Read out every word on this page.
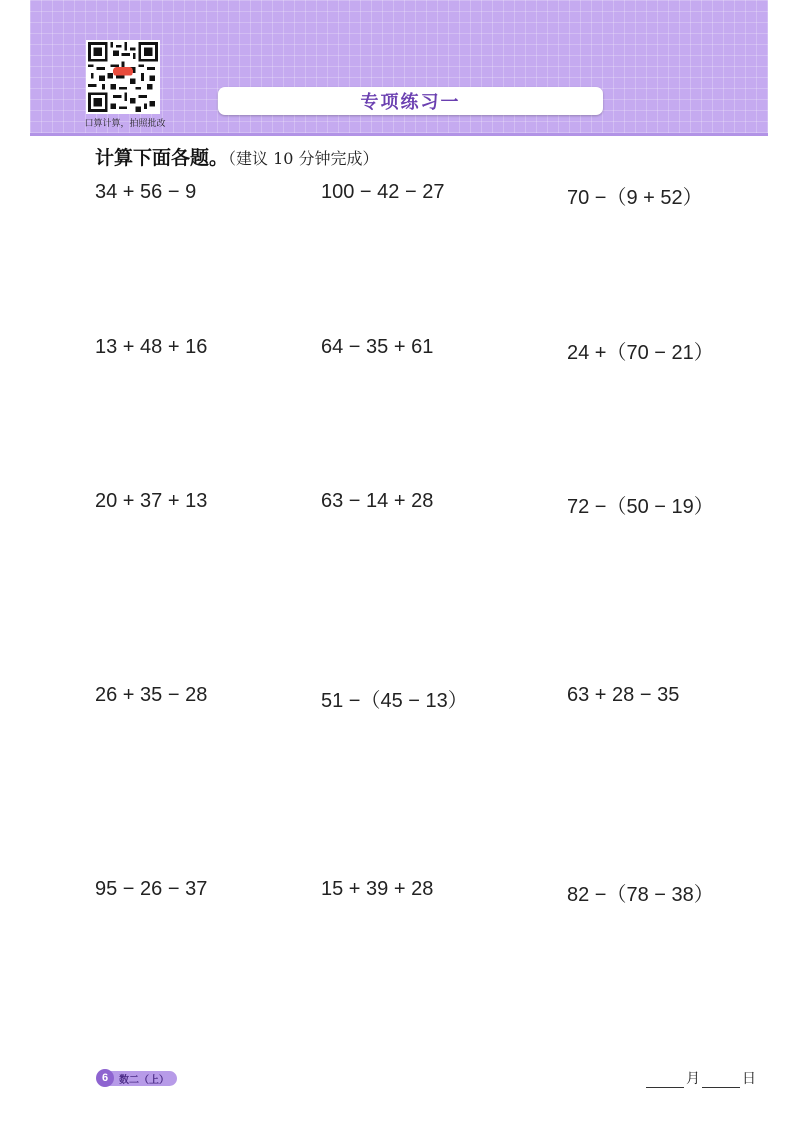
口算计算，拍照批改
专项练习一
计算下面各题。（建议 10 分钟完成）
34 + 56 − 9	100 − 42 − 27	70 −（9 + 52）
13 + 48 + 16	64 − 35 + 61	24 +（70 − 21）
20 + 37 + 13	63 − 14 + 28	72 −（50 − 19）
26 + 35 − 28	51 −（45 − 13）	63 + 28 − 35
95 − 26 − 37	15 + 39 + 28	82 −（78 − 38）
6	数二（上）	月	日
